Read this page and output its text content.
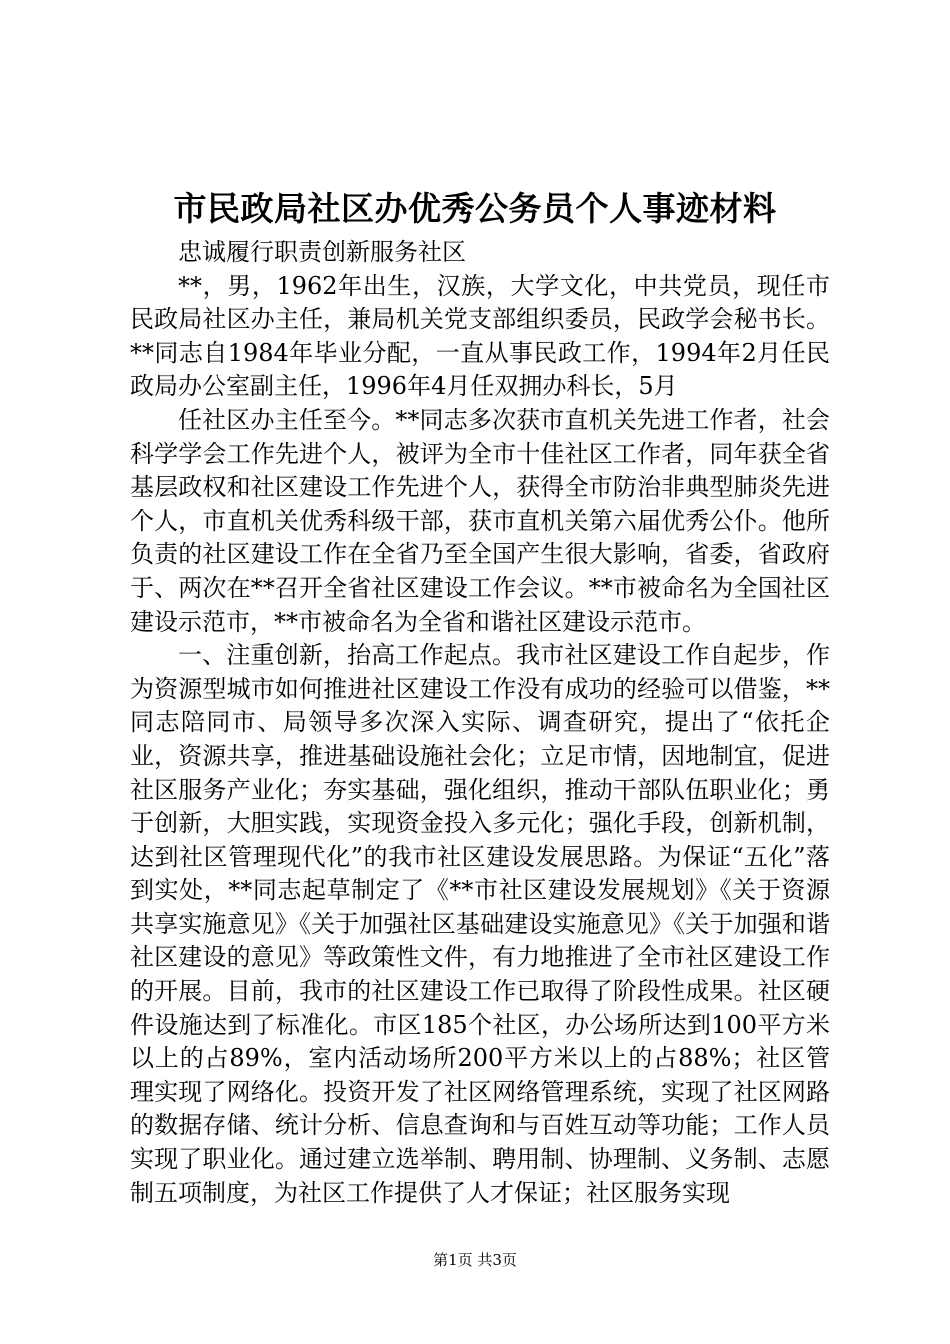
市民政局社区办优秀公务员个人事迹材料

忠诚履行职责创新服务社区

**，男，1962年出生，汉族，大学文化，中共党员，现任市民政局社区办主任，兼局机关党支部组织委员，民政学会秘书长。**同志自1984年毕业分配，一直从事民政工作，1994年2月任民政局办公室副主任，1996年4月任双拥办科长，5月

任社区办主任至今。**同志多次获市直机关先进工作者，社会科学学会工作先进个人，被评为全市十佳社区工作者，同年获全省基层政权和社区建设工作先进个人，获得全市防治非典型肺炎先进个人，市直机关优秀科级干部，获市直机关第六届优秀公仆。他所负责的社区建设工作在全省乃至全国产生很大影响，省委，省政府于、两次在**召开全省社区建设工作会议。**市被命名为全国社区建设示范市，**市被命名为全省和谐社区建设示范市。

一、注重创新，抬高工作起点。我市社区建设工作自起步，作为资源型城市如何推进社区建设工作没有成功的经验可以借鉴，**同志陪同市、局领导多次深入实际、调查研究，提出了“依托企业，资源共享，推进基础设施社会化；立足市情，因地制宜，促进社区服务产业化；夯实基础，强化组织，推动干部队伍职业化；勇于创新，大胆实践，实现资金投入多元化；强化手段，创新机制，达到社区管理现代化”的我市社区建设发展思路。为保证“五化”落到实处，**同志起草制定了《**市社区建设发展规划》《关于资源共享实施意见》《关于加强社区基础建设实施意见》《关于加强和谐社区建设的意见》等政策性文件，有力地推进了全市社区建设工作的开展。目前，我市的社区建设工作已取得了阶段性成果。社区硬件设施达到了标准化。市区185个社区，办公场所达到100平方米以上的占89%，室内活动场所200平方米以上的占88%；社区管理实现了网络化。投资开发了社区网络管理系统，实现了社区网路的数据存储、统计分析、信息查询和与百姓互动等功能；工作人员实现了职业化。通过建立选举制、聘用制、协理制、义务制、志愿制五项制度，为社区工作提供了人才保证；社区服务实现

第1页 共3页
